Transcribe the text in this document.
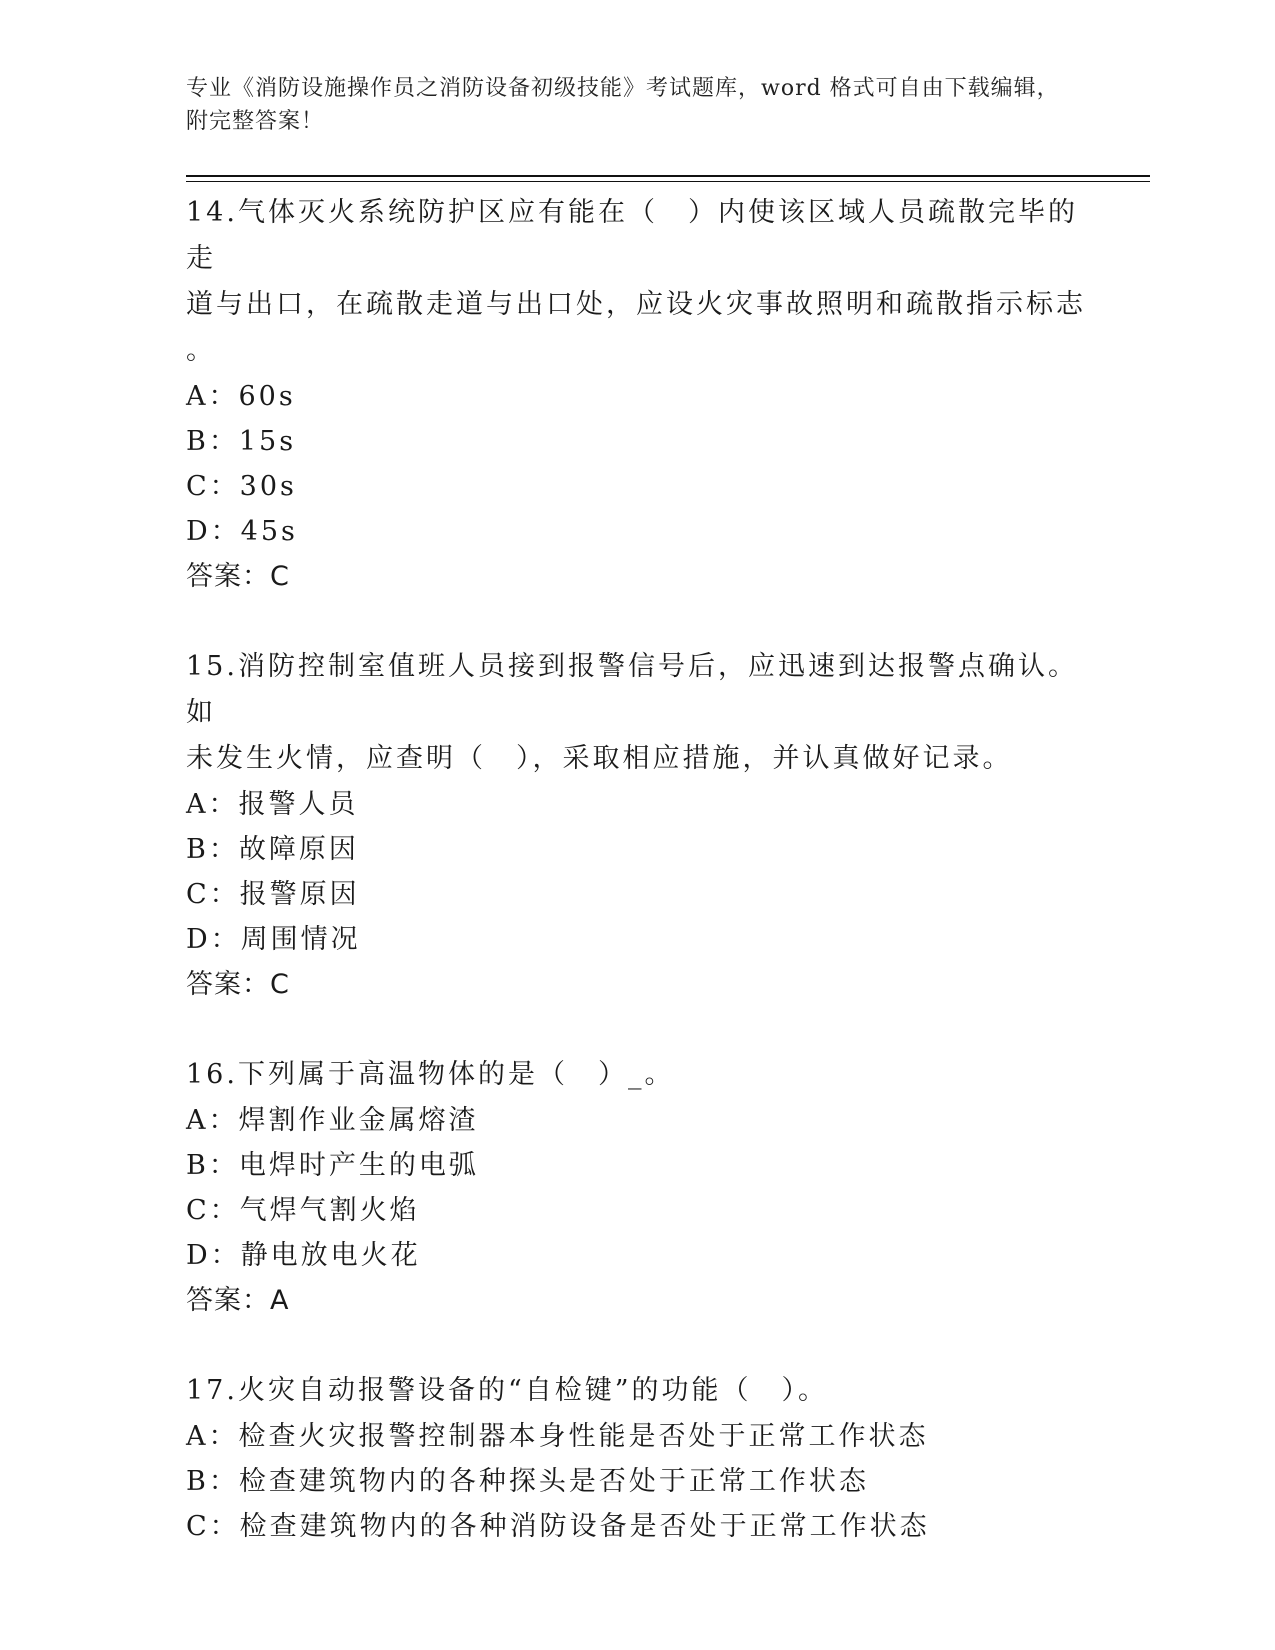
专业《消防设施操作员之消防设备初级技能》考试题库，word 格式可自由下载编辑，附完整答案！

14.气体灭火系统防护区应有能在（　）内使该区域人员疏散完毕的走

道与出口，在疏散走道与出口处，应设火灾事故照明和疏散指示标志

。

A：60s

B：15s

C：30s

D：45s

答案：C

15.消防控制室值班人员接到报警信号后，应迅速到达报警点确认。如

未发生火情，应查明（　），采取相应措施，并认真做好记录。

A：报警人员

B：故障原因

C：报警原因

D：周围情况

答案：C

16.下列属于高温物体的是（　）_。

A：焊割作业金属熔渣

B：电焊时产生的电弧

C：气焊气割火焰

D：静电放电火花

答案：A

17.火灾自动报警设备的“自检键”的功能（　）。

A：检查火灾报警控制器本身性能是否处于正常工作状态

B：检查建筑物内的各种探头是否处于正常工作状态

C：检查建筑物内的各种消防设备是否处于正常工作状态
